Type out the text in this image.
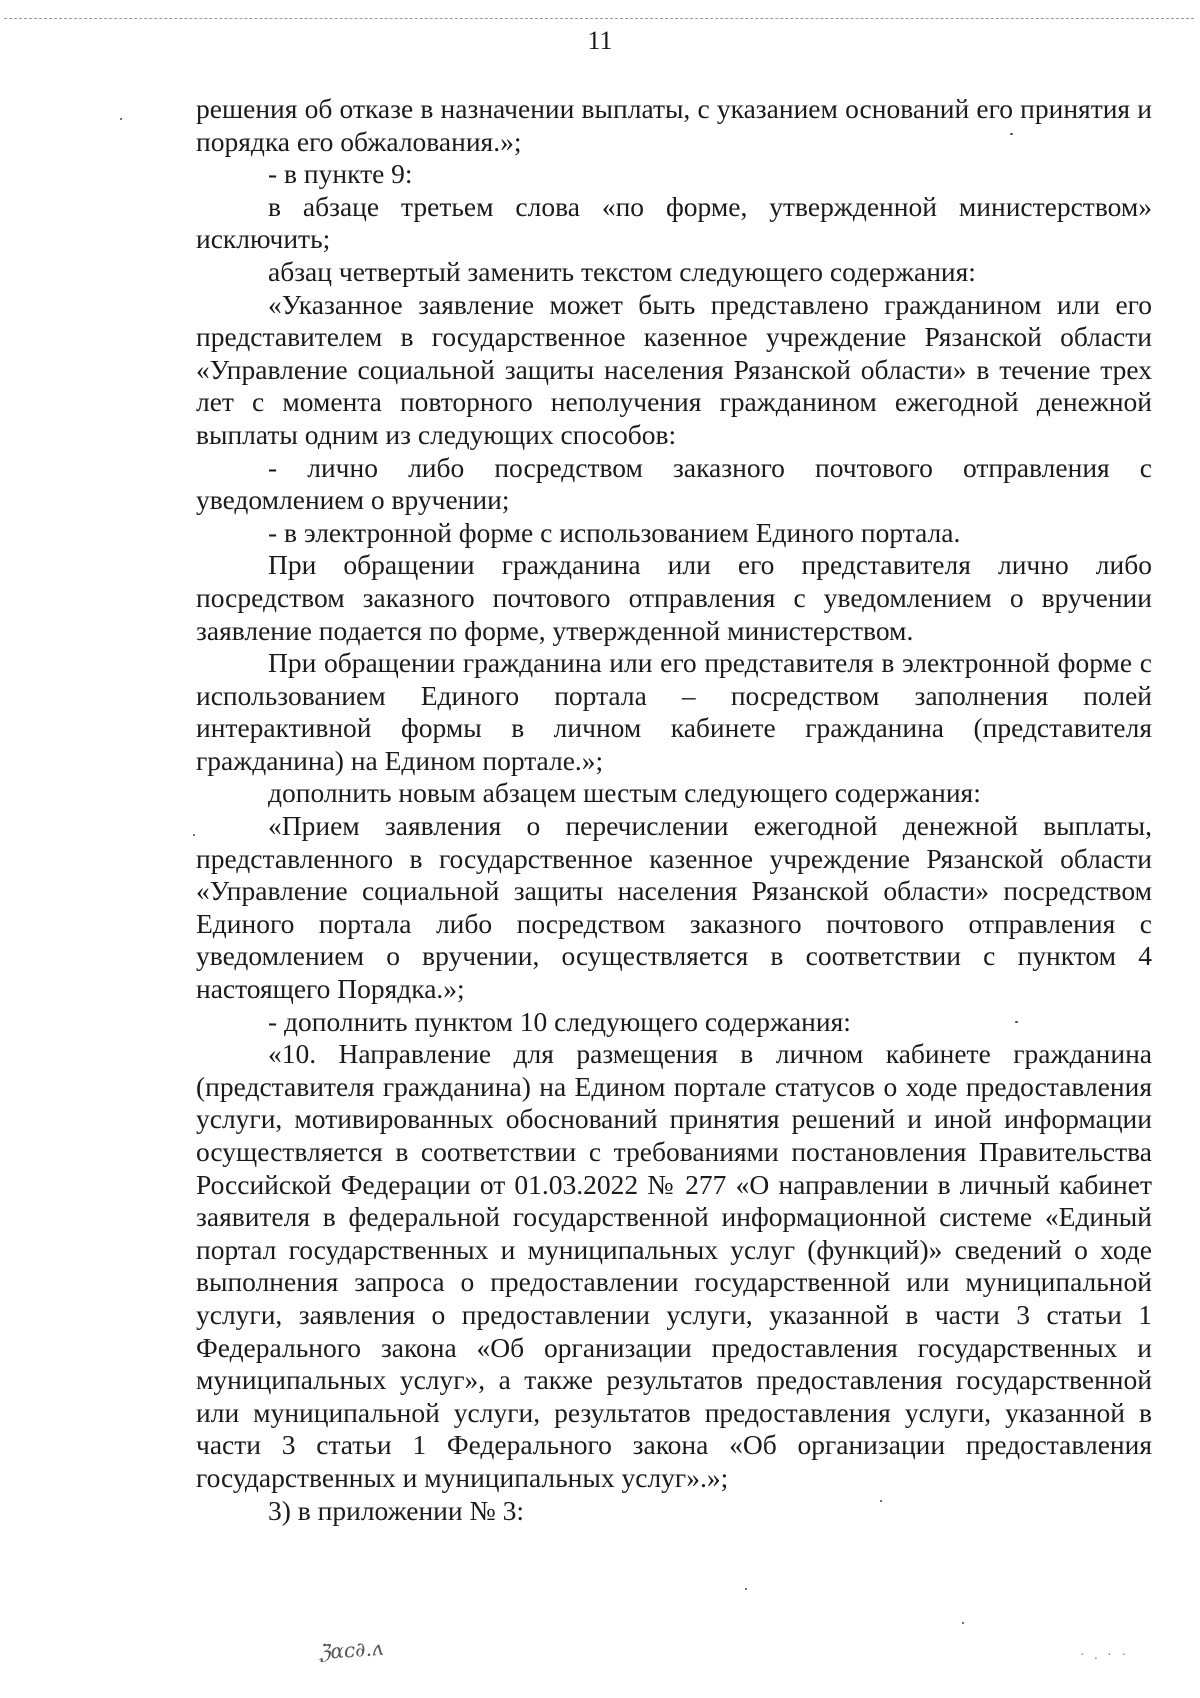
11

решения об отказе в назначении выплаты, с указанием оснований его принятия и порядка его обжалования.»;

- в пункте 9:

в абзаце третьем слова «по форме, утвержденной министерством» исключить;

абзац четвертый заменить текстом следующего содержания:

«Указанное заявление может быть представлено гражданином или его представителем в государственное казенное учреждение Рязанской области «Управление социальной защиты населения Рязанской области» в течение трех лет с момента повторного неполучения гражданином ежегодной денежной выплаты одним из следующих способов:

- лично либо посредством заказного почтового отправления с уведомлением о вручении;

- в электронной форме с использованием Единого портала.

При обращении гражданина или его представителя лично либо посредством заказного почтового отправления с уведомлением о вручении заявление подается по форме, утвержденной министерством.

При обращении гражданина или его представителя в электронной форме с использованием Единого портала – посредством заполнения полей интерактивной формы в личном кабинете гражданина (представителя гражданина) на Едином портале.»;

дополнить новым абзацем шестым следующего содержания:

«Прием заявления о перечислении ежегодной денежной выплаты, представленного в государственное казенное учреждение Рязанской области «Управление социальной защиты населения Рязанской области» посредством Единого портала либо посредством заказного почтового отправления с уведомлением о вручении, осуществляется в соответствии с пунктом 4 настоящего Порядка.»;

- дополнить пунктом 10 следующего содержания:

«10. Направление для размещения в личном кабинете гражданина (представителя гражданина) на Едином портале статусов о ходе предоставления услуги, мотивированных обоснований принятия решений и иной информации осуществляется в соответствии с требованиями постановления Правительства Российской Федерации от 01.03.2022 № 277 «О направлении в личный кабинет заявителя в федеральной государственной информационной системе «Единый портал государственных и муниципальных услуг (функций)» сведений о ходе выполнения запроса о предоставлении государственной или муниципальной услуги, заявления о предоставлении услуги, указанной в части 3 статьи 1 Федерального закона «Об организации предоставления государственных и муниципальных услуг», а также результатов предоставления государственной или муниципальной услуги, результатов предоставления услуги, указанной в части 3 статьи 1 Федерального закона «Об организации предоставления государственных и муниципальных услуг».»;

3) в приложении № 3:

ℨαᴄ∂.ʌ	· . · ·
